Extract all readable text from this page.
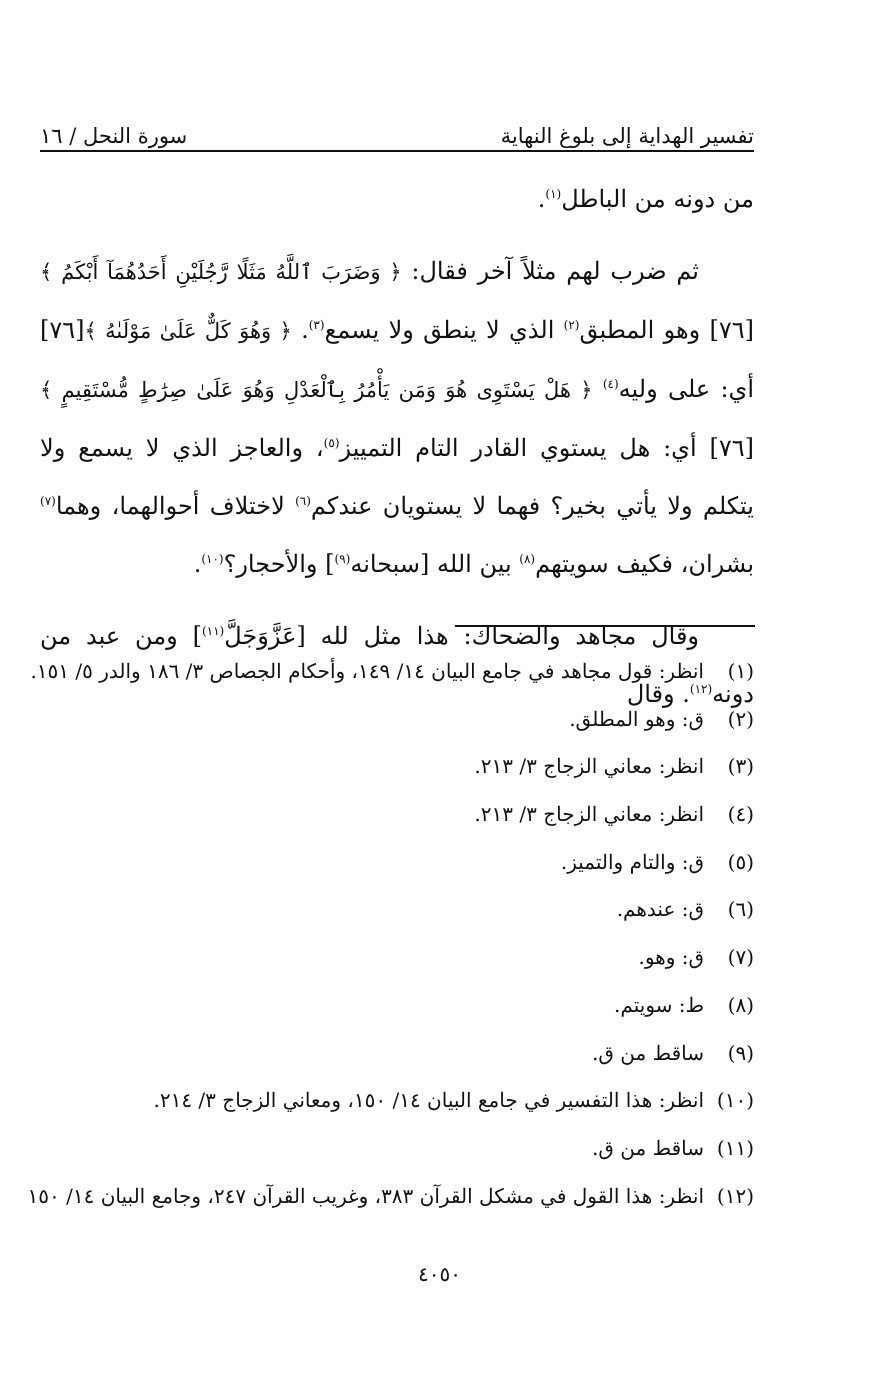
تفسير الهداية إلى بلوغ النهاية
سورة النحل / ١٦

من دونه من الباطل$^{(١)}$.

ثم ضرب لهم مثلاً آخر فقال: ﴿ وَضَرَبَ ٱللَّهُ مَثَلًا رَّجُلَيْنِ أَحَدُهُمَآ أَبْكَمُ ﴾[٧٦] وهو المطبق$^{(٢)}$ الذي لا ينطق ولا يسمع$^{(٣)}$. ﴿ وَهُوَ كَلٌّ عَلَىٰ مَوْلَىٰهُ ﴾[٧٦] أي: على وليه$^{(٤)}$ ﴿ هَلْ يَسْتَوِى هُوَ وَمَن يَأْمُرُ بِٱلْعَدْلِ وَهُوَ عَلَىٰ صِرَٰطٍ مُّسْتَقِيمٍ ﴾[٧٦] أي: هل يستوي القادر التام التمييز$^{(٥)}$، والعاجز الذي لا يسمع ولا يتكلم ولا يأتي بخير؟ فهما لا يستويان عندكم$^{(٦)}$ لاختلاف أحوالهما، وهما$^{(٧)}$ بشران، فكيف سويتهم$^{(٨)}$ بين الله [سبحانه$^{(٩)}$] والأحجار؟$^{(١٠)}$.

وقال مجاهد والضحاك: هذا مثل لله [عَزَّوَجَلَّ$^{(١١)}$] ومن عبد من دونه$^{(١٢)}$. وقال

(١)
انظر: قول مجاهد في جامع البيان ١٤/ ١٤٩، وأحكام الجصاص ٣/ ١٨٦ والدر ٥/ ١٥١.
(٢)
ق: وهو المطلق.
(٣)
انظر: معاني الزجاج ٣/ ٢١٣.
(٤)
انظر: معاني الزجاج ٣/ ٢١٣.
(٥)
ق: والتام والتميز.
(٦)
ق: عندهم.
(٧)
ق: وهو.
(٨)
ط: سويتم.
(٩)
ساقط من ق.
(١٠)
انظر: هذا التفسير في جامع البيان ١٤/ ١٥٠، ومعاني الزجاج ٣/ ٢١٤.
(١١)
ساقط من ق.
(١٢)
انظر: هذا القول في مشكل القرآن ٣٨٣، وغريب القرآن ٢٤٧، وجامع البيان ١٤/ ١٥٠
٤٠٥٠
